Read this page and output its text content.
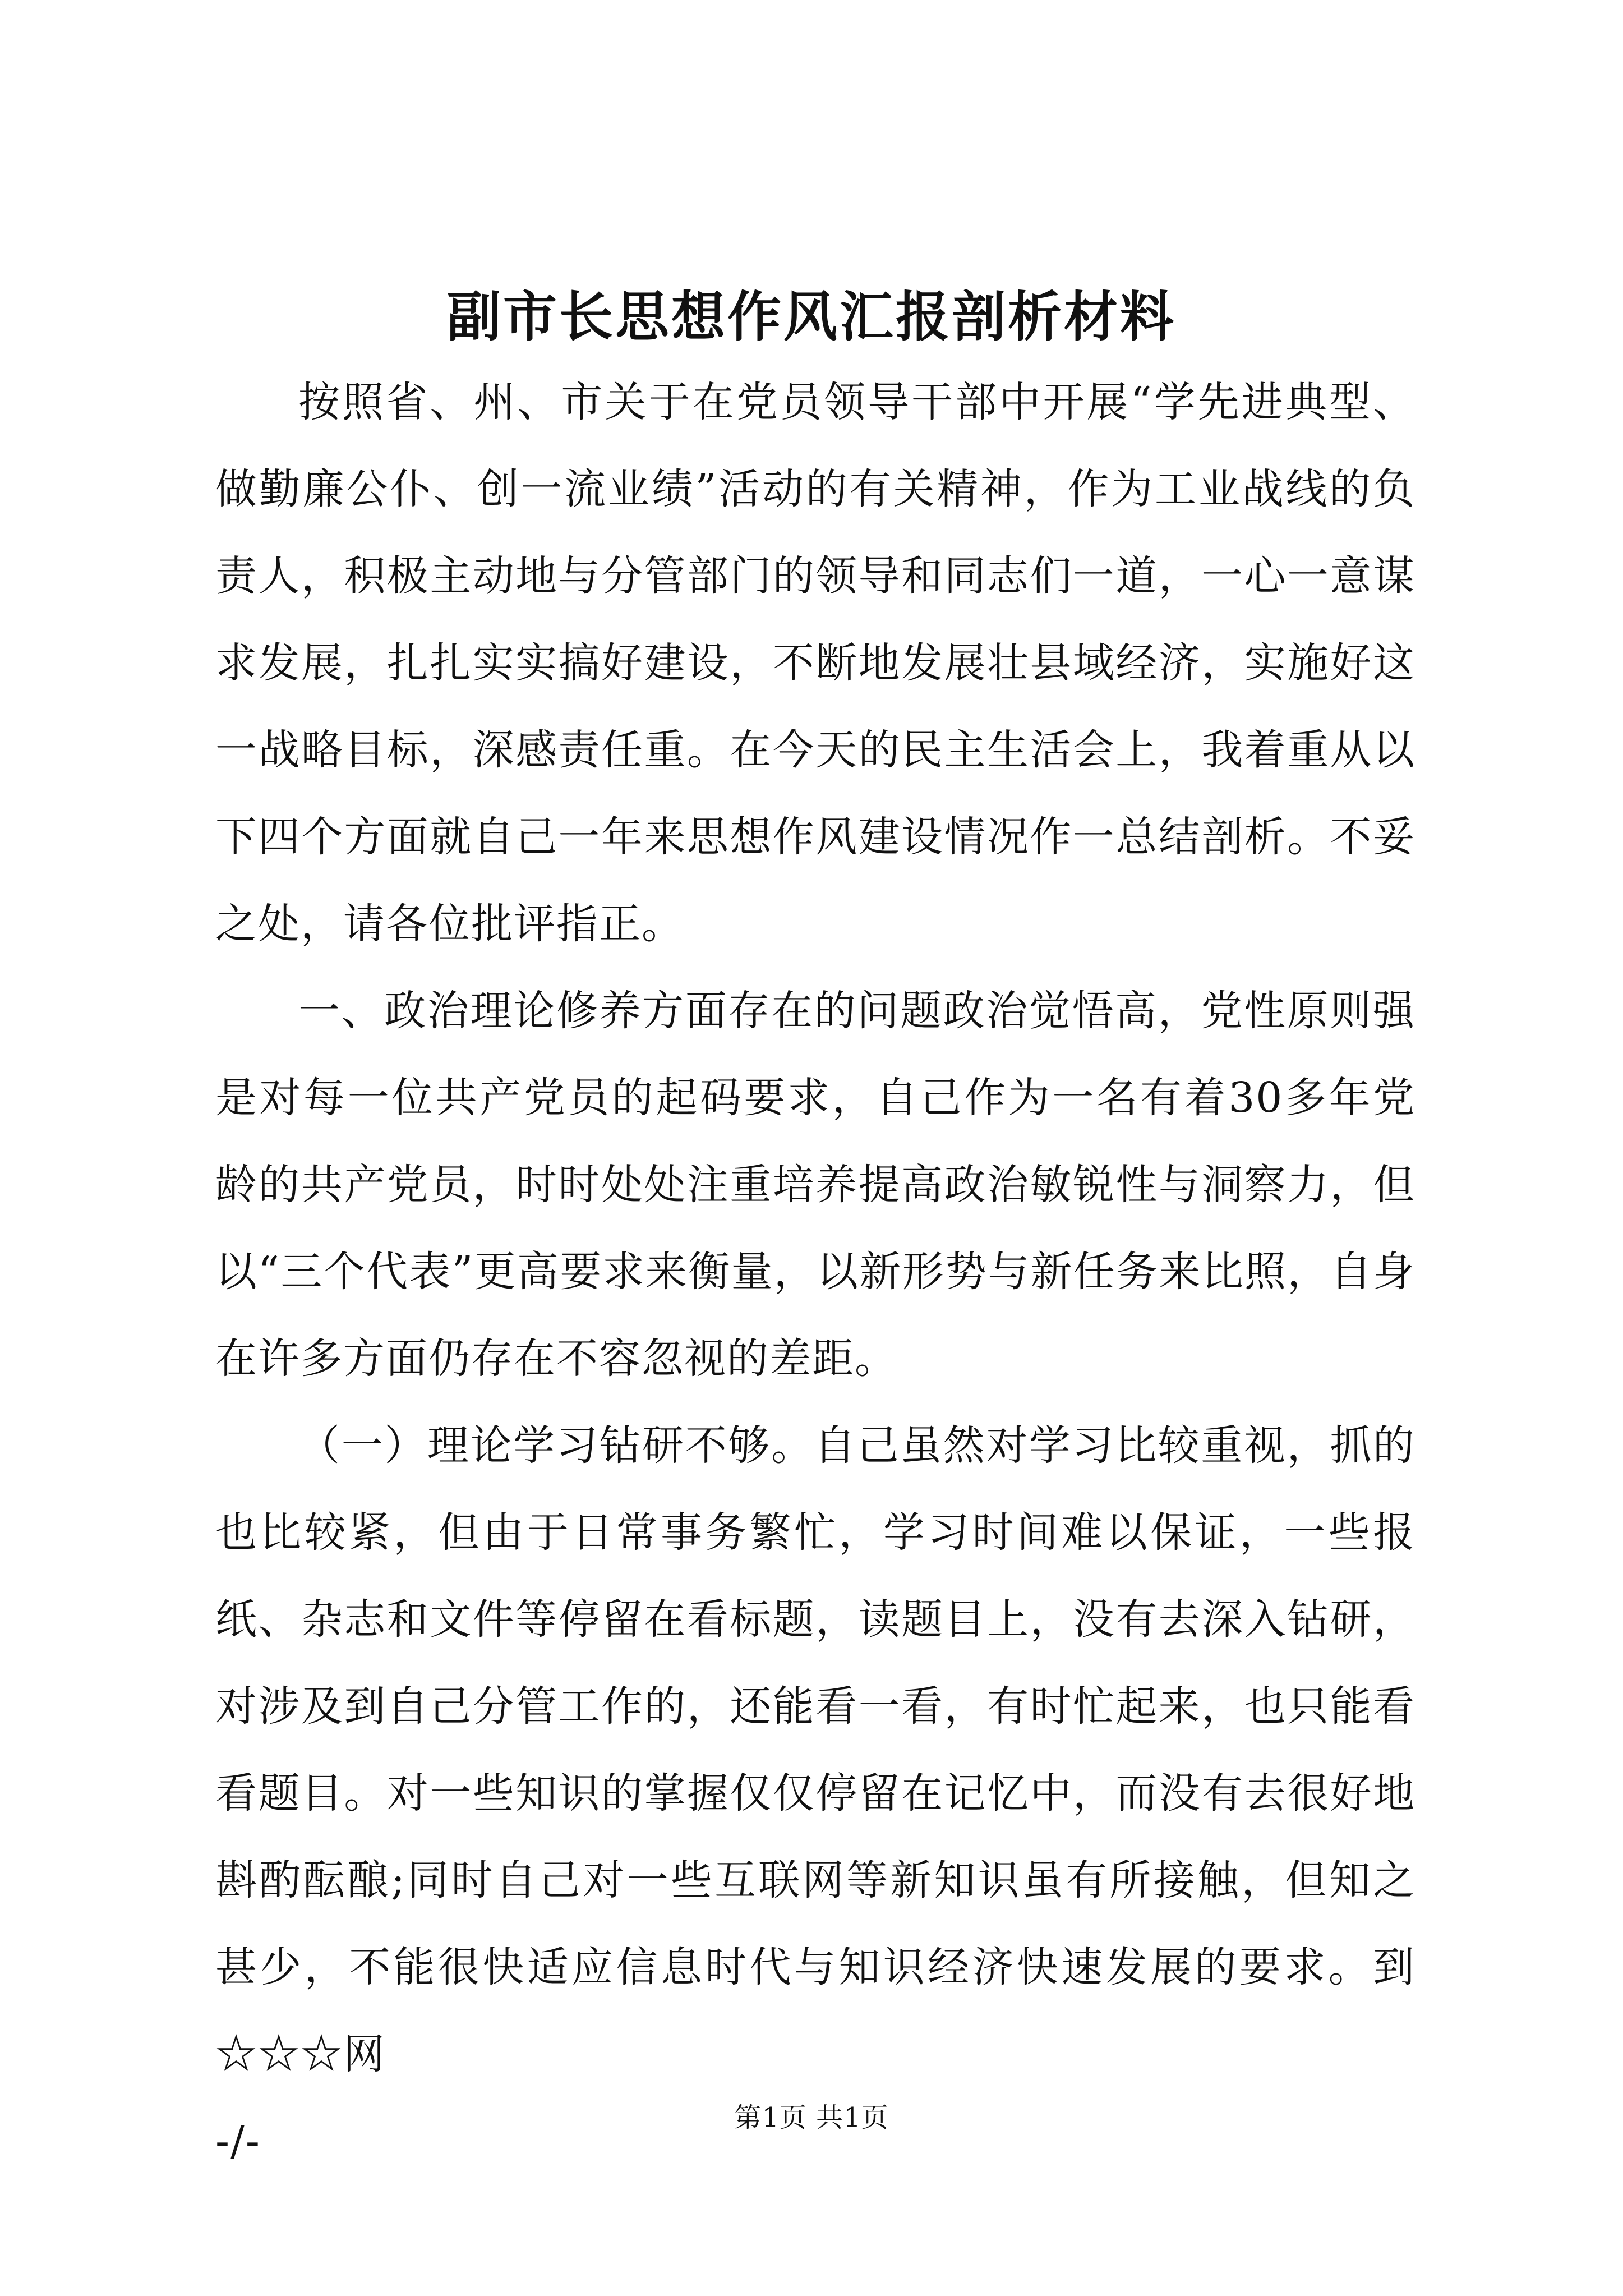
副市长思想作风汇报剖析材料

按照省、州、市关于在党员领导干部中开展“学先进典型、做勤廉公仆、创一流业绩”活动的有关精神，作为工业战线的负责人，积极主动地与分管部门的领导和同志们一道，一心一意谋求发展，扎扎实实搞好建设，不断地发展壮县域经济，实施好这一战略目标，深感责任重。在今天的民主生活会上，我着重从以下四个方面就自己一年来思想作风建设情况作一总结剖析。不妥之处，请各位批评指正。

一、政治理论修养方面存在的问题政治觉悟高，党性原则强是对每一位共产党员的起码要求，自己作为一名有着30多年党龄的共产党员，时时处处注重培养提高政治敏锐性与洞察力，但以“三个代表”更高要求来衡量，以新形势与新任务来比照，自身在许多方面仍存在不容忽视的差距。

（一）理论学习钻研不够。自己虽然对学习比较重视，抓的也比较紧，但由于日常事务繁忙，学习时间难以保证，一些报纸、杂志和文件等停留在看标题，读题目上，没有去深入钻研，对涉及到自己分管工作的，还能看一看，有时忙起来，也只能看看题目。对一些知识的掌握仅仅停留在记忆中，而没有去很好地斟酌酝酿;同时自己对一些互联网等新知识虽有所接触，但知之甚少，不能很快适应信息时代与知识经济快速发展的要求。到☆☆☆网

-/-	第1页 共1页
